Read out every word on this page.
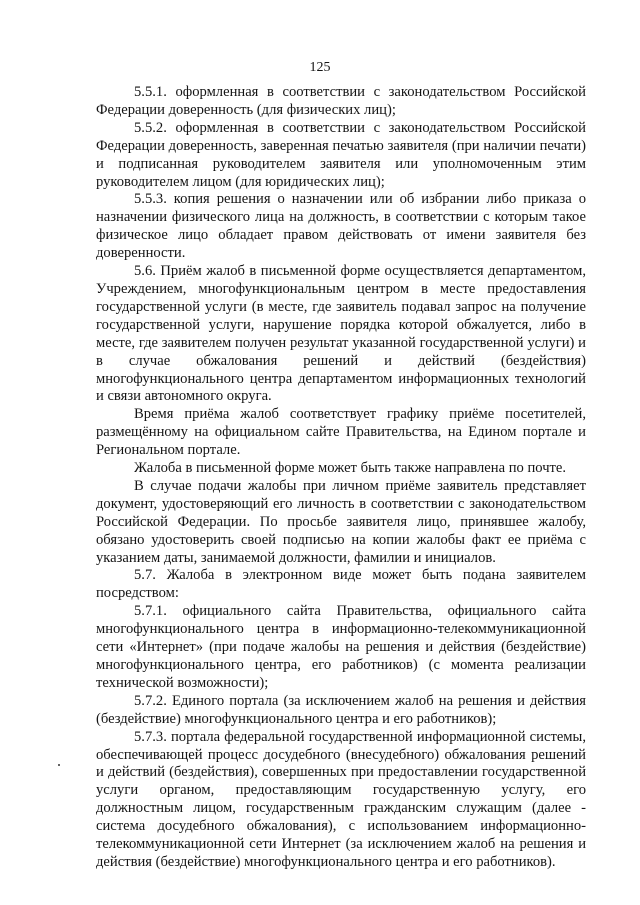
125

5.5.1. оформленная в соответствии с законодательством Российской Федерации доверенность (для физических лиц);

5.5.2. оформленная в соответствии с законодательством Российской Федерации доверенность, заверенная печатью заявителя (при наличии печати) и подписанная руководителем заявителя или уполномоченным этим руководителем лицом (для юридических лиц);

5.5.3. копия решения о назначении или об избрании либо приказа о назначении физического лица на должность, в соответствии с которым такое физическое лицо обладает правом действовать от имени заявителя без доверенности.

5.6. Приём жалоб в письменной форме осуществляется департаментом, Учреждением, многофункциональным центром в месте предоставления государственной услуги (в месте, где заявитель подавал запрос на получение государственной услуги, нарушение порядка которой обжалуется, либо в месте, где заявителем получен результат указанной государственной услуги) и в случае обжалования решений и действий (бездействия) многофункционального центра департаментом информационных технологий и связи автономного округа.

Время приёма жалоб соответствует графику приёме посетителей, размещённому на официальном сайте Правительства, на Едином портале и Региональном портале.

Жалоба в письменной форме может быть также направлена по почте.

В случае подачи жалобы при личном приёме заявитель представляет документ, удостоверяющий его личность в соответствии с законодательством Российской Федерации. По просьбе заявителя лицо, принявшее жалобу, обязано удостоверить своей подписью на копии жалобы факт ее приёма с указанием даты, занимаемой должности, фамилии и инициалов.

5.7. Жалоба в электронном виде может быть подана заявителем посредством:

5.7.1. официального сайта Правительства, официального сайта многофункционального центра в информационно-телекоммуникационной сети «Интернет» (при подаче жалобы на решения и действия (бездействие) многофункционального центра, его работников) (с момента реализации технической возможности);

5.7.2. Единого портала (за исключением жалоб на решения и действия (бездействие) многофункционального центра и его работников);

5.7.3. портала федеральной государственной информационной системы, обеспечивающей процесс досудебного (внесудебного) обжалования решений и действий (бездействия), совершенных при предоставлении государственной услуги органом, предоставляющим государственную услугу, его должностным лицом, государственным гражданским служащим (далее - система досудебного обжалования), с использованием информационно-телекоммуникационной сети Интернет (за исключением жалоб на решения и действия (бездействие) многофункционального центра и его работников).
